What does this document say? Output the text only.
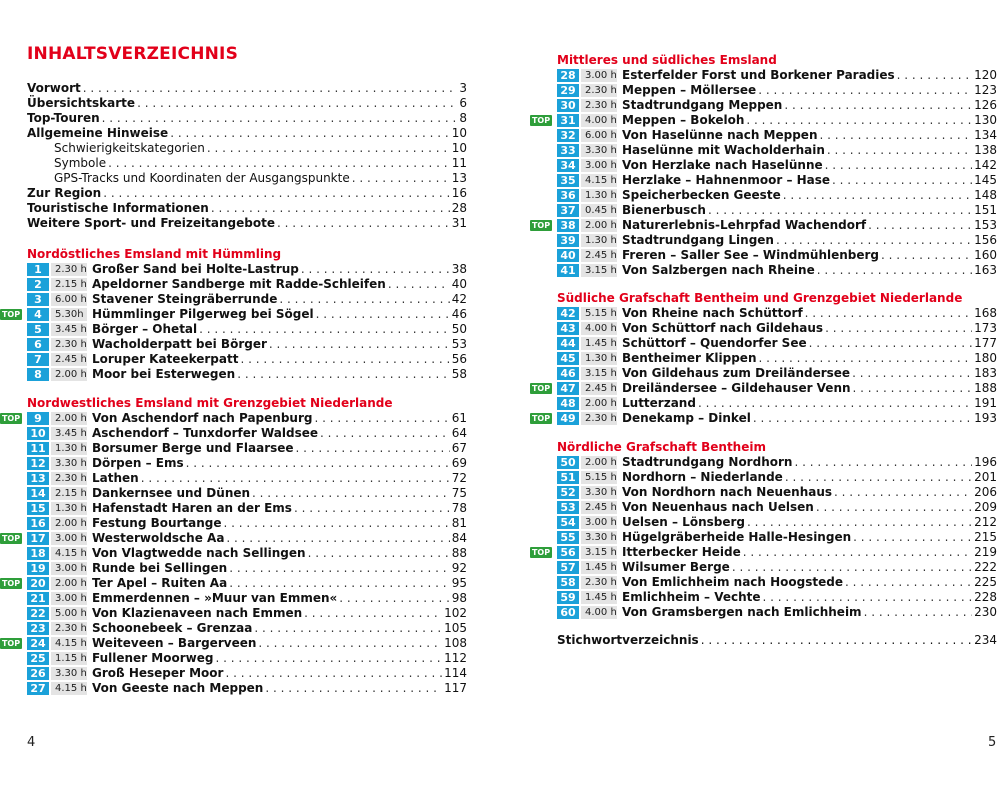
INHALTSVERZEICHNIS
Vorwort . . .	3
Übersichtskarte . . .	6
Top-Touren . . .	8
Allgemeine Hinweise . . .	10
Schwierigkeitskategorien . . .	10
Symbole . . .	11
GPS-Tracks und Koordinaten der Ausgangspunkte . . .	13
Zur Region . . .	16
Touristische Informationen . . .	28
Weitere Sport- und Freizeitangebote . . .	31
Nordöstliches Emsland mit Hümmling
1	2.30 h Großer Sand bei Holte-Lastrup . . .	38
2	2.15 h Apeldorner Sandberge mit Radde-Schleifen . . .	40
3	6.00 h Stavener Steingräberrunde . . .	42
TOP	4	5.30h Hümmlinger Pilgerweg bei Sögel . . .	46
5	3.45 h Börger – Ohetal . . .	50
6	2.30 h Wacholderpatt bei Börger . . .	53
7	2.45 h Loruper Kateekerpatt . . .	56
8	2.00 h Moor bei Esterwegen . . .	58
Nordwestliches Emsland mit Grenzgebiet Niederlande
TOP	9	2.00 h Von Aschendorf nach Papenburg . . .	61
10 3.45 h Aschendorf – Tunxdorfer Waldsee . . .	64
11 1.30 h Borsumer Berge und Flaarsee . . .	67
12 3.30 h Dörpen – Ems . . .	69
13 2.30 h Lathen . . .	72
14 2.15 h Dankernsee und Dünen . . .	75
15 1.30 h Hafenstadt Haren an der Ems . . .	78
16 2.00 h Festung Bourtange . . .	81
TOP 17 3.00 h Westerwoldsche Aa . . .	84
18 4.15 h Von Vlagtwedde nach Sellingen . . .	88
19 3.00 h Runde bei Sellingen . . .	92
TOP 20 2.00 h Ter Apel – Ruiten Aa . . .	95
21 3.00 h Emmerdennen – »Muur van Emmen« . . .	98
22 5.00 h Von Klazienaveen nach Emmen . . .	102
23 2.30 h Schoonebeek – Grenzaa . . .	105
TOP 24 4.15 h Weiteveen – Bargerveen . . .	108
25 1.15 h Fullener Moorweg . . .	112
26 3.30 h Groß Heseper Moor . . .	114
27 4.15 h Von Geeste nach Meppen . . .	117
Mittleres und südliches Emsland
28 3.00 h Esterfelder Forst und Borkener Paradies . . .	120
29 2.30 h Meppen – Möllersee . . .	123
30 2.30 h Stadtrundgang Meppen . . .	126
TOP 31 4.00 h Meppen – Bokeloh . . .	130
32 6.00 h Von Haselünne nach Meppen . . .	134
33 3.30 h Haselünne mit Wacholderhain . . .	138
34 3.00 h Von Herzlake nach Haselünne . . .	142
35 4.15 h Herzlake – Hahnenmoor – Hase . . .	145
36 1.30 h Speicherbecken Geeste . . .	148
37 0.45 h Bienerbusch . . .	151
TOP 38 2.00 h Naturerlebnis-Lehrpfad Wachendorf . . .	153
39 1.30 h Stadtrundgang Lingen . . .	156
40 2.45 h Freren – Saller See – Windmühlenberg . . .	160
41 3.15 h Von Salzbergen nach Rheine . . .	163
Südliche Grafschaft Bentheim und Grenzgebiet Niederlande
42 5.15 h Von Rheine nach Schüttorf . . .	168
43 4.00 h Von Schüttorf nach Gildehaus . . .	173
44 1.45 h Schüttorf – Quendorfer See . . .	177
45 1.30 h Bentheimer Klippen . . .	180
46 3.15 h Von Gildehaus zum Dreiländersee . . .	183
TOP 47 2.45 h Dreiländersee – Gildehauser Venn . . .	188
48 2.00 h Lutterzand . . .	191
TOP 49 2.30 h Denekamp – Dinkel . . .	193
Nördliche Grafschaft Bentheim
50 2.00 h Stadtrundgang Nordhorn . . .	196
51 5.15 h Nordhorn – Niederlande . . .	201
52 3.30 h Von Nordhorn nach Neuenhaus . . .	206
53 2.45 h Von Neuenhaus nach Uelsen . . .	209
54 3.00 h Uelsen – Lönsberg . . .	212
55 3.30 h Hügelgräberheide Halle-Hesingen . . .	215
TOP 56 3.15 h Itterbecker Heide . . .	219
57 1.45 h Wilsumer Berge . . .	222
58 2.30 h Von Emlichheim nach Hoogstede . . .	225
59 1.45 h Emlichheim – Vechte . . .	228
60 4.00 h Von Gramsbergen nach Emlichheim . . .	230
Stichwortverzeichnis . . .	234
4	5
